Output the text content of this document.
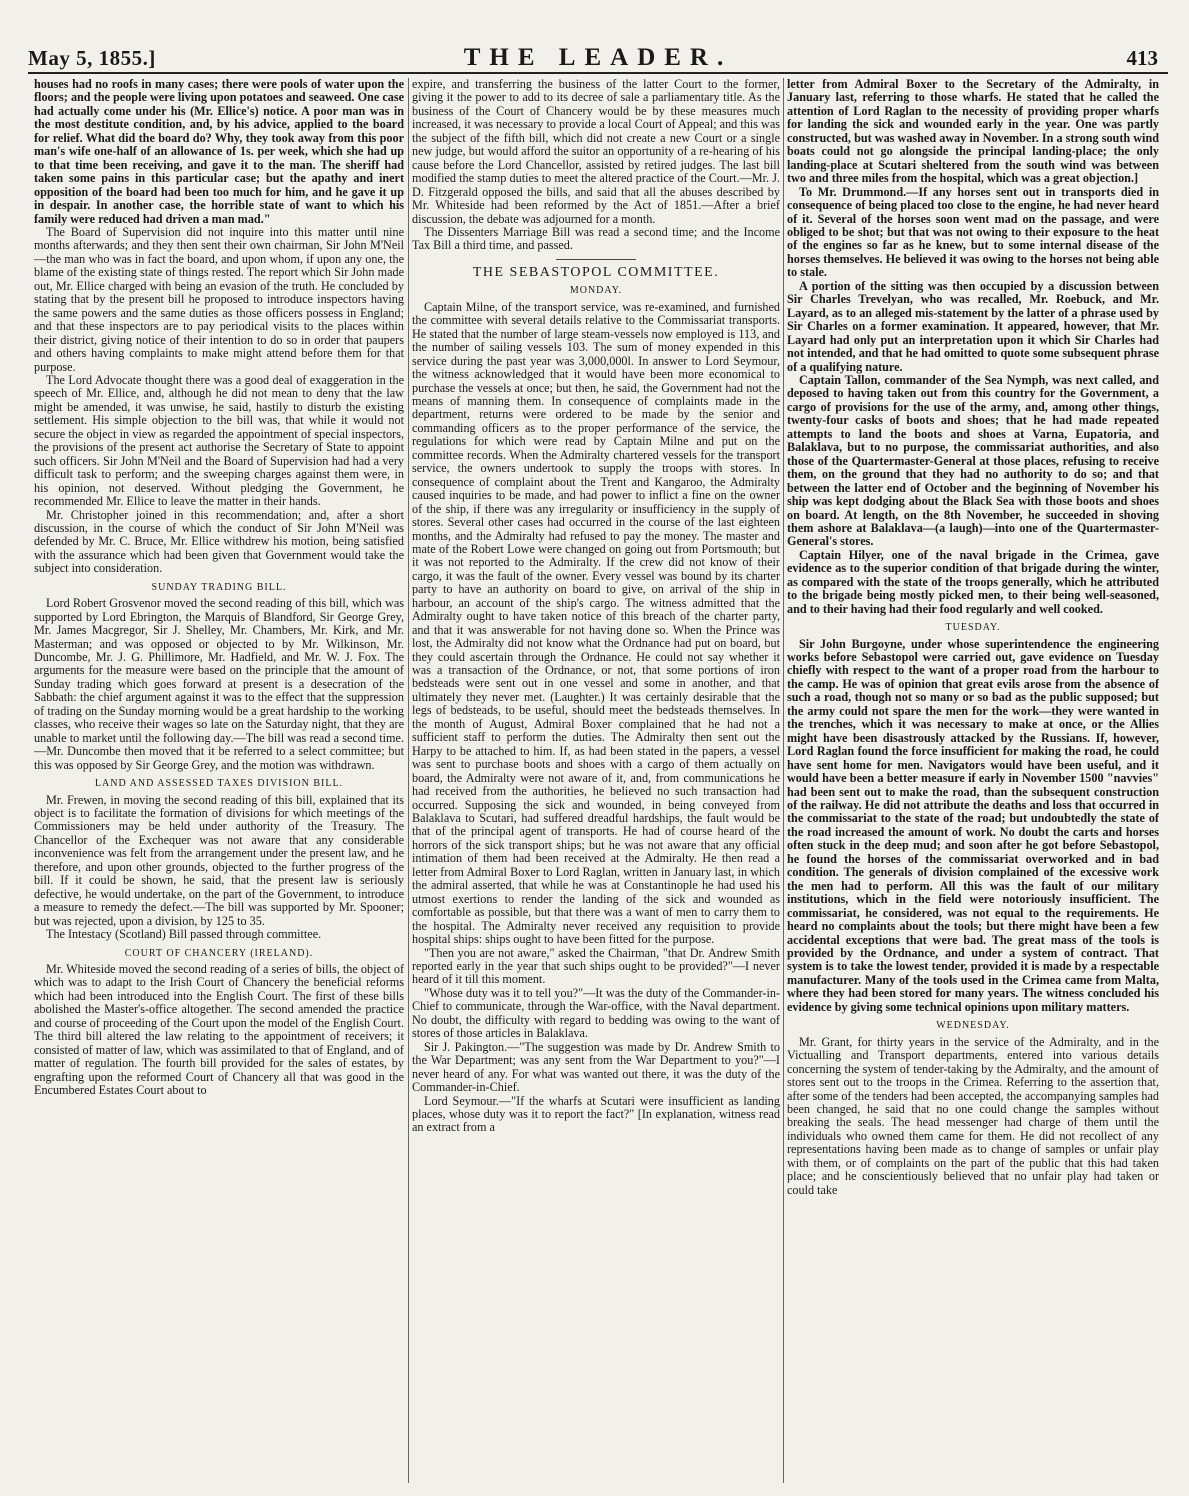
May 5, 1855.]	THE LEADER.	413

houses had no roofs in many cases; there were pools of water upon the floors; and the people were living upon potatoes and seaweed. One case had actually come under his (Mr. Ellice's) notice. A poor man was in the most destitute condition, and, by his advice, applied to the board for relief. What did the board do? Why, they took away from this poor man's wife one-half of an allowance of 1s. per week, which she had up to that time been receiving, and gave it to the man. The sheriff had taken some pains in this particular case; but the apathy and inert opposition of the board had been too much for him, and he gave it up in despair. In another case, the horrible state of want to which his family were reduced had driven a man mad."

The Board of Supervision did not inquire into this matter until nine months afterwards; and they then sent their own chairman, Sir John M'Neil—the man who was in fact the board, and upon whom, if upon any one, the blame of the existing state of things rested. The report which Sir John made out, Mr. Ellice charged with being an evasion of the truth. He concluded by stating that by the present bill he proposed to introduce inspectors having the same powers and the same duties as those officers possess in England; and that these inspectors are to pay periodical visits to the places within their district, giving notice of their intention to do so in order that paupers and others having complaints to make might attend before them for that purpose.

The Lord Advocate thought there was a good deal of exaggeration in the speech of Mr. Ellice, and, although he did not mean to deny that the law might be amended, it was unwise, he said, hastily to disturb the existing settlement. His simple objection to the bill was, that while it would not secure the object in view as regarded the appointment of special inspectors, the provisions of the present act authorise the Secretary of State to appoint such officers. Sir John M'Neil and the Board of Supervision had had a very difficult task to perform; and the sweeping charges against them were, in his opinion, not deserved. Without pledging the Government, he recommended Mr. Ellice to leave the matter in their hands.

Mr. Christopher joined in this recommendation; and, after a short discussion, in the course of which the conduct of Sir John M'Neil was defended by Mr. C. Bruce, Mr. Ellice withdrew his motion, being satisfied with the assurance which had been given that Government would take the subject into consideration.

SUNDAY TRADING BILL.

Lord Robert Grosvenor moved the second reading of this bill, which was supported by Lord Ebrington, the Marquis of Blandford, Sir George Grey, Mr. James Macgregor, Sir J. Shelley, Mr. Chambers, Mr. Kirk, and Mr. Masterman; and was opposed or objected to by Mr. Wilkinson, Mr. Duncombe, Mr. J. G. Phillimore, Mr. Hadfield, and Mr. W. J. Fox. The arguments for the measure were based on the principle that the amount of Sunday trading which goes forward at present is a desecration of the Sabbath: the chief argument against it was to the effect that the suppression of trading on the Sunday morning would be a great hardship to the working classes, who receive their wages so late on the Saturday night, that they are unable to market until the following day.—The bill was read a second time.—Mr. Duncombe then moved that it be referred to a select committee; but this was opposed by Sir George Grey, and the motion was withdrawn.

LAND AND ASSESSED TAXES DIVISION BILL.

Mr. Frewen, in moving the second reading of this bill, explained that its object is to facilitate the formation of divisions for which meetings of the Commissioners may be held under authority of the Treasury. The Chancellor of the Exchequer was not aware that any considerable inconvenience was felt from the arrangement under the present law, and he therefore, and upon other grounds, objected to the further progress of the bill. If it could be shown, he said, that the present law is seriously defective, he would undertake, on the part of the Government, to introduce a measure to remedy the defect.—The bill was supported by Mr. Spooner; but was rejected, upon a division, by 125 to 35.

The Intestacy (Scotland) Bill passed through committee.

COURT OF CHANCERY (IRELAND).

Mr. Whiteside moved the second reading of a series of bills, the object of which was to adapt to the Irish Court of Chancery the beneficial reforms which had been introduced into the English Court. The first of these bills abolished the Master's-office altogether. The second amended the practice and course of proceeding of the Court upon the model of the English Court. The third bill altered the law relating to the appointment of receivers; it consisted of matter of law, which was assimilated to that of England, and of matter of regulation. The fourth bill provided for the sales of estates, by engrafting upon the reformed Court of Chancery all that was good in the Encumbered Estates Court about to

expire, and transferring the business of the latter Court to the former, giving it the power to add to its decree of sale a parliamentary title. As the business of the Court of Chancery would be by these measures much increased, it was necessary to provide a local Court of Appeal; and this was the subject of the fifth bill, which did not create a new Court or a single new judge, but would afford the suitor an opportunity of a re-hearing of his cause before the Lord Chancellor, assisted by retired judges. The last bill modified the stamp duties to meet the altered practice of the Court.—Mr. J. D. Fitzgerald opposed the bills, and said that all the abuses described by Mr. Whiteside had been reformed by the Act of 1851.—After a brief discussion, the debate was adjourned for a month.

The Dissenters Marriage Bill was read a second time; and the Income Tax Bill a third time, and passed.

THE SEBASTOPOL COMMITTEE.
MONDAY.

Captain Milne, of the transport service, was re-examined, and furnished the committee with several details relative to the Commissariat transports. He stated that the number of large steam-vessels now employed is 113, and the number of sailing vessels 103. The sum of money expended in this service during the past year was 3,000,000l. In answer to Lord Seymour, the witness acknowledged that it would have been more economical to purchase the vessels at once; but then, he said, the Government had not the means of manning them. In consequence of complaints made in the department, returns were ordered to be made by the senior and commanding officers as to the proper performance of the service, the regulations for which were read by Captain Milne and put on the committee records. When the Admiralty chartered vessels for the transport service, the owners undertook to supply the troops with stores. In consequence of complaint about the Trent and Kangaroo, the Admiralty caused inquiries to be made, and had power to inflict a fine on the owner of the ship, if there was any irregularity or insufficiency in the supply of stores. Several other cases had occurred in the course of the last eighteen months, and the Admiralty had refused to pay the money. The master and mate of the Robert Lowe were changed on going out from Portsmouth; but it was not reported to the Admiralty. If the crew did not know of their cargo, it was the fault of the owner. Every vessel was bound by its charter party to have an authority on board to give, on arrival of the ship in harbour, an account of the ship's cargo. The witness admitted that the Admiralty ought to have taken notice of this breach of the charter party, and that it was answerable for not having done so. When the Prince was lost, the Admiralty did not know what the Ordnance had put on board, but they could ascertain through the Ordnance. He could not say whether it was a transaction of the Ordnance, or not, that some portions of iron bedsteads were sent out in one vessel and some in another, and that ultimately they never met. (Laughter.) It was certainly desirable that the legs of bedsteads, to be useful, should meet the bedsteads themselves. In the month of August, Admiral Boxer complained that he had not a sufficient staff to perform the duties. The Admiralty then sent out the Harpy to be attached to him. If, as had been stated in the papers, a vessel was sent to purchase boots and shoes with a cargo of them actually on board, the Admiralty were not aware of it, and, from communications he had received from the authorities, he believed no such transaction had occurred. Supposing the sick and wounded, in being conveyed from Balaklava to Scutari, had suffered dreadful hardships, the fault would be that of the principal agent of transports. He had of course heard of the horrors of the sick transport ships; but he was not aware that any official intimation of them had been received at the Admiralty. He then read a letter from Admiral Boxer to Lord Raglan, written in January last, in which the admiral asserted, that while he was at Constantinople he had used his utmost exertions to render the landing of the sick and wounded as comfortable as possible, but that there was a want of men to carry them to the hospital. The Admiralty never received any requisition to provide hospital ships: ships ought to have been fitted for the purpose.

"Then you are not aware," asked the Chairman, "that Dr. Andrew Smith reported early in the year that such ships ought to be provided?"—I never heard of it till this moment.

"Whose duty was it to tell you?"—It was the duty of the Commander-in-Chief to communicate, through the War-office, with the Naval department. No doubt, the difficulty with regard to bedding was owing to the want of stores of those articles in Balaklava.

Sir J. Pakington.—"The suggestion was made by Dr. Andrew Smith to the War Department; was any sent from the War Department to you?"—I never heard of any. For what was wanted out there, it was the duty of the Commander-in-Chief.

Lord Seymour.—"If the wharfs at Scutari were insufficient as landing places, whose duty was it to report the fact?" [In explanation, witness read an extract from a

letter from Admiral Boxer to the Secretary of the Admiralty, in January last, referring to those wharfs. He stated that he called the attention of Lord Raglan to the necessity of providing proper wharfs for landing the sick and wounded early in the year. One was partly constructed, but was washed away in November. In a strong south wind boats could not go alongside the principal landing-place; the only landing-place at Scutari sheltered from the south wind was between two and three miles from the hospital, which was a great objection.]

To Mr. Drummond.—If any horses sent out in transports died in consequence of being placed too close to the engine, he had never heard of it. Several of the horses soon went mad on the passage, and were obliged to be shot; but that was not owing to their exposure to the heat of the engines so far as he knew, but to some internal disease of the horses themselves. He believed it was owing to the horses not being able to stale.

A portion of the sitting was then occupied by a discussion between Sir Charles Trevelyan, who was recalled, Mr. Roebuck, and Mr. Layard, as to an alleged mis-statement by the latter of a phrase used by Sir Charles on a former examination. It appeared, however, that Mr. Layard had only put an interpretation upon it which Sir Charles had not intended, and that he had omitted to quote some subsequent phrase of a qualifying nature.

Captain Tallon, commander of the Sea Nymph, was next called, and deposed to having taken out from this country for the Government, a cargo of provisions for the use of the army, and, among other things, twenty-four casks of boots and shoes; that he had made repeated attempts to land the boots and shoes at Varna, Eupatoria, and Balaklava, but to no purpose, the commissariat authorities, and also those of the Quartermaster-General at those places, refusing to receive them, on the ground that they had no authority to do so; and that between the latter end of October and the beginning of November his ship was kept dodging about the Black Sea with those boots and shoes on board. At length, on the 8th November, he succeeded in shoving them ashore at Balaklava—(a laugh)—into one of the Quartermaster-General's stores.

Captain Hilyer, one of the naval brigade in the Crimea, gave evidence as to the superior condition of that brigade during the winter, as compared with the state of the troops generally, which he attributed to the brigade being mostly picked men, to their being well-seasoned, and to their having had their food regularly and well cooked.

TUESDAY.

Sir John Burgoyne, under whose superintendence the engineering works before Sebastopol were carried out, gave evidence on Tuesday chiefly with respect to the want of a proper road from the harbour to the camp. He was of opinion that great evils arose from the absence of such a road, though not so many or so bad as the public supposed; but the army could not spare the men for the work—they were wanted in the trenches, which it was necessary to make at once, or the Allies might have been disastrously attacked by the Russians. If, however, Lord Raglan found the force insufficient for making the road, he could have sent home for men. Navigators would have been useful, and it would have been a better measure if early in November 1500 "navvies" had been sent out to make the road, than the subsequent construction of the railway. He did not attribute the deaths and loss that occurred in the commissariat to the state of the road; but undoubtedly the state of the road increased the amount of work. No doubt the carts and horses often stuck in the deep mud; and soon after he got before Sebastopol, he found the horses of the commissariat overworked and in bad condition. The generals of division complained of the excessive work the men had to perform. All this was the fault of our military institutions, which in the field were notoriously insufficient. The commissariat, he considered, was not equal to the requirements. He heard no complaints about the tools; but there might have been a few accidental exceptions that were bad. The great mass of the tools is provided by the Ordnance, and under a system of contract. That system is to take the lowest tender, provided it is made by a respectable manufacturer. Many of the tools used in the Crimea came from Malta, where they had been stored for many years. The witness concluded his evidence by giving some technical opinions upon military matters.

WEDNESDAY.

Mr. Grant, for thirty years in the service of the Admiralty, and in the Victualling and Transport departments, entered into various details concerning the system of tender-taking by the Admiralty, and the amount of stores sent out to the troops in the Crimea. Referring to the assertion that, after some of the tenders had been accepted, the accompanying samples had been changed, he said that no one could change the samples without breaking the seals. The head messenger had charge of them until the individuals who owned them came for them. He did not recollect of any representations having been made as to change of samples or unfair play with them, or of complaints on the part of the public that this had taken place; and he conscientiously believed that no unfair play had taken or could take
